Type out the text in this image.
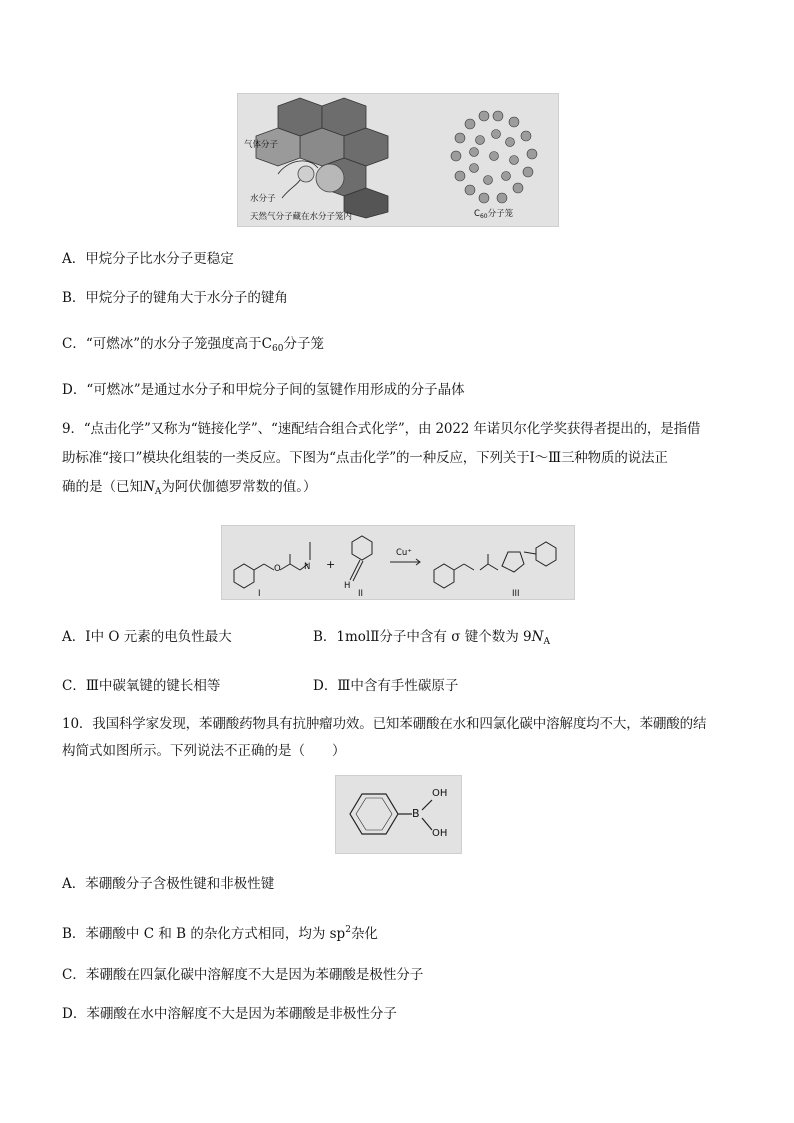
气体分子
水分子
天然气分子藏在水分子笼内	$C_{60}$分子笼
A．甲烷分子比水分子更稳定
B．甲烷分子的键角大于水分子的键角
C．“可燃冰”的水分子笼强度高于$C_{60}$分子笼
D．“可燃冰”是通过水分子和甲烷分子间的氢键作用形成的分子晶体
9．“点击化学”又称为“链接化学”、“速配结合组合式化学”，由 2022 年诺贝尔化学奖获得者提出的，是指借
助标准“接口”模块化组装的一类反应。下图为“点击化学”的一种反应，下列关于Ⅰ～Ⅲ三种物质的说法正
确的是（已知$N_A$为阿伏伽德罗常数的值。）
O	N +
H
Cu⁺
I	II	III
A．Ⅰ中 O 元素的电负性最大	B．1molⅡ分子中含有 σ 键个数为 $9N_A$
C．Ⅲ中碳氧键的键长相等	D．Ⅲ中含有手性碳原子
10．我国科学家发现，苯硼酸药物具有抗肿瘤功效。已知苯硼酸在水和四氯化碳中溶解度均不大，苯硼酸的结
构简式如图所示。下列说法不正确的是（　　）
B
OH
OH
A．苯硼酸分子含极性键和非极性键
B．苯硼酸中 C 和 B 的杂化方式相同，均为 $sp^2$杂化
C．苯硼酸在四氯化碳中溶解度不大是因为苯硼酸是极性分子
D．苯硼酸在水中溶解度不大是因为苯硼酸是非极性分子
